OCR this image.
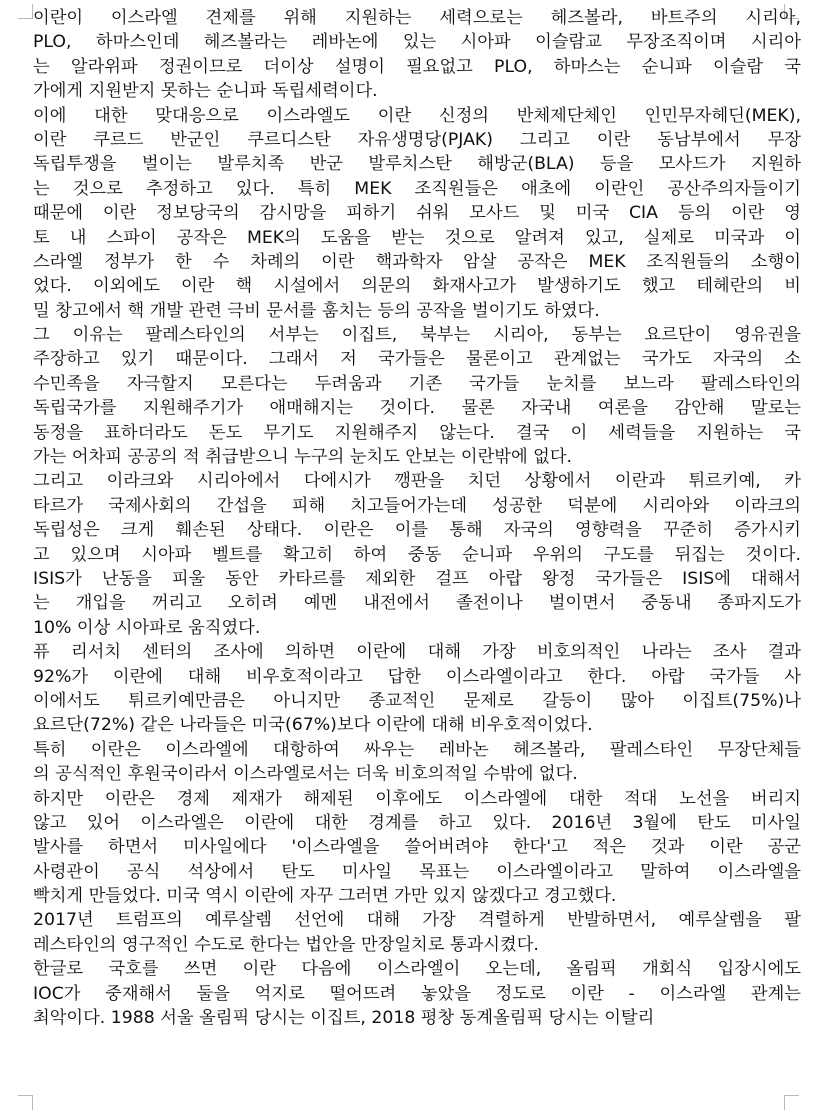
이란이 이스라엘 견제를 위해 지원하는 세력으로는 헤즈볼라, 바트주의 시리아,
PLO, 하마스인데 헤즈볼라는 레바논에 있는 시아파 이슬람교 무장조직이며 시리아
는 알라위파 정권이므로 더이상 설명이 필요없고 PLO, 하마스는 순니파 이슬람 국
가에게 지원받지 못하는 순니파 독립세력이다.
이에 대한 맞대응으로 이스라엘도 이란 신정의 반체제단체인 인민무자헤딘(MEK),
이란 쿠르드 반군인 쿠르디스탄 자유생명당(PJAK) 그리고 이란 동남부에서 무장
독립투쟁을 벌이는 발루치족 반군 발루치스탄 해방군(BLA) 등을 모사드가 지원하
는 것으로 추정하고 있다. 특히 MEK 조직원들은 애초에 이란인 공산주의자들이기
때문에 이란 정보당국의 감시망을 피하기 쉬워 모사드 및 미국 CIA 등의 이란 영
토 내 스파이 공작은 MEK의 도움을 받는 것으로 알려져 있고, 실제로 미국과 이
스라엘 정부가 한 수 차례의 이란 핵과학자 암살 공작은 MEK 조직원들의 소행이
었다. 이외에도 이란 핵 시설에서 의문의 화재사고가 발생하기도 했고 테헤란의 비
밀 창고에서 핵 개발 관련 극비 문서를 훔치는 등의 공작을 벌이기도 하였다.
그 이유는 팔레스타인의 서부는 이집트, 북부는 시리아, 동부는 요르단이 영유권을
주장하고 있기 때문이다. 그래서 저 국가들은 물론이고 관계없는 국가도 자국의 소
수민족을 자극할지 모른다는 두려움과 기존 국가들 눈치를 보느라 팔레스타인의
독립국가를 지원해주기가 애매해지는 것이다. 물론 자국내 여론을 감안해 말로는
동정을 표하더라도 돈도 무기도 지원해주지 않는다. 결국 이 세력들을 지원하는 국
가는 어차피 공공의 적 취급받으니 누구의 눈치도 안보는 이란밖에 없다.
그리고 이라크와 시리아에서 다에시가 깽판을 치던 상황에서 이란과 튀르키예, 카
타르가 국제사회의 간섭을 피해 치고들어가는데 성공한 덕분에 시리아와 이라크의
독립성은 크게 훼손된 상태다. 이란은 이를 통해 자국의 영향력을 꾸준히 증가시키
고 있으며 시아파 벨트를 확고히 하여 중동 순니파 우위의 구도를 뒤집는 것이다.
ISIS가 난동을 피울 동안 카타르를 제외한 걸프 아랍 왕정 국가들은 ISIS에 대해서
는 개입을 꺼리고 오히려 예멘 내전에서 졸전이나 벌이면서 중동내 종파지도가
10% 이상 시아파로 움직였다.
퓨 리서치 센터의 조사에 의하면 이란에 대해 가장 비호의적인 나라는 조사 결과
92%가 이란에 대해 비우호적이라고 답한 이스라엘이라고 한다. 아랍 국가들 사
이에서도 튀르키예만큼은 아니지만 종교적인 문제로 갈등이 많아 이집트(75%)나
요르단(72%) 같은 나라들은 미국(67%)보다 이란에 대해 비우호적이었다.
특히 이란은 이스라엘에 대항하여 싸우는 레바논 헤즈볼라, 팔레스타인 무장단체들
의 공식적인 후원국이라서 이스라엘로서는 더욱 비호의적일 수밖에 없다.
하지만 이란은 경제 제재가 해제된 이후에도 이스라엘에 대한 적대 노선을 버리지
않고 있어 이스라엘은 이란에 대한 경계를 하고 있다. 2016년 3월에 탄도 미사일
발사를 하면서 미사일에다 '이스라엘을 쓸어버려야 한다'고 적은 것과 이란 공군
사령관이 공식 석상에서 탄도 미사일 목표는 이스라엘이라고 말하여 이스라엘을
빡치게 만들었다. 미국 역시 이란에 자꾸 그러면 가만 있지 않겠다고 경고했다.
2017년 트럼프의 예루살렘 선언에 대해 가장 격렬하게 반발하면서, 예루살렘을 팔
레스타인의 영구적인 수도로 한다는 법안을 만장일치로 통과시켰다.
한글로 국호를 쓰면 이란 다음에 이스라엘이 오는데, 올림픽 개회식 입장시에도
IOC가 중재해서 둘을 억지로 떨어뜨려 놓았을 정도로 이란 - 이스라엘 관계는
최악이다. 1988 서울 올림픽 당시는 이집트, 2018 평창 동계올림픽 당시는 이탈리
